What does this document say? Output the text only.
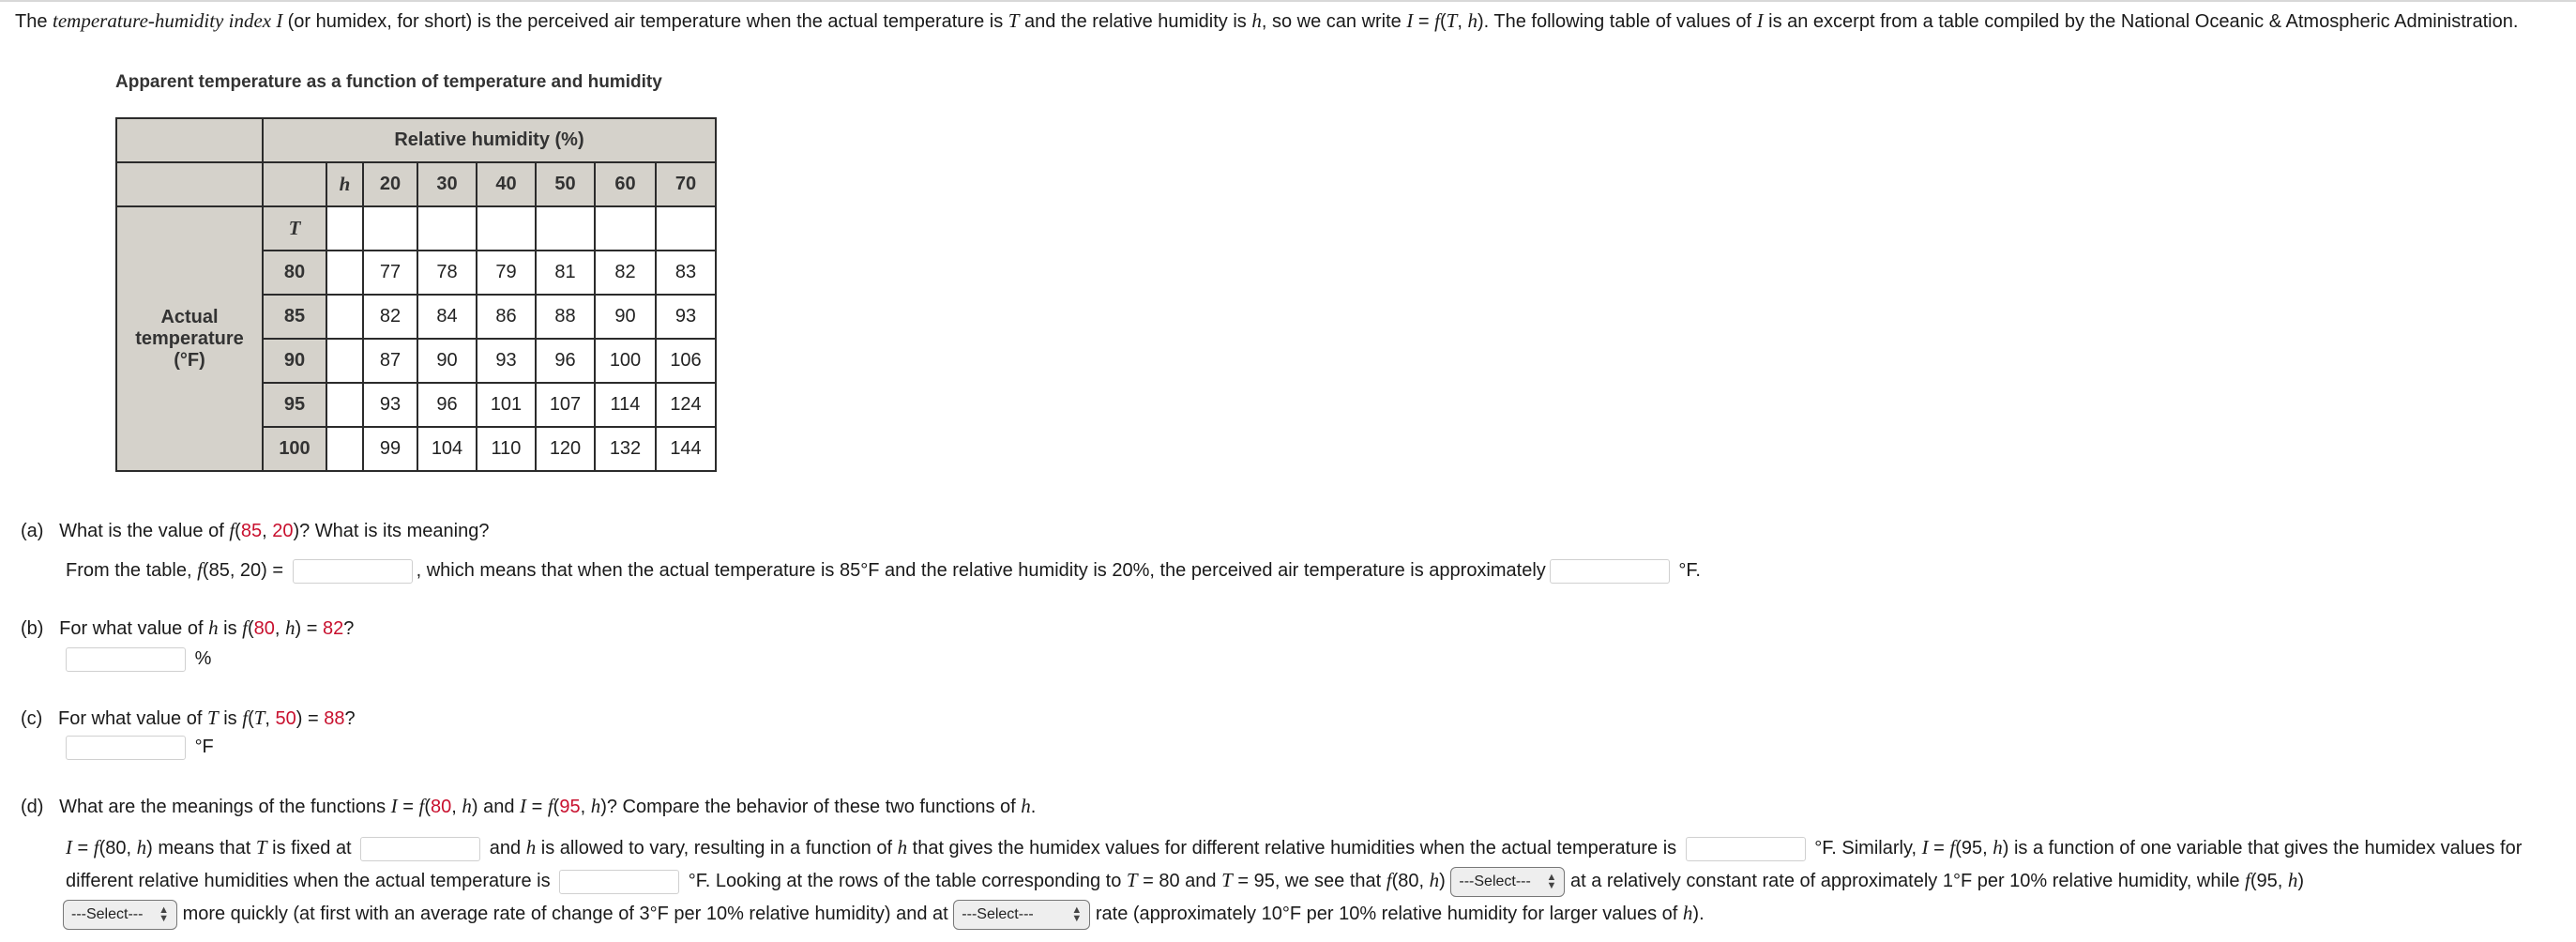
The temperature-humidity index I (or humidex, for short) is the perceived air temperature when the actual temperature is T and the relative humidity is h, so we can write I = f(T, h). The following table of values of I is an excerpt from a table compiled by the National Oceanic & Atmospheric Administration.
Apparent temperature as a function of temperature and humidity
	Relative humidity (%)							
		h	20	30	40	50	60	70
Actual temperature (°F)	T							
	80		77	78	79	81	82	83
	85		82	84	86	88	90	93
	90		87	90	93	96	100	106
	95		93	96	101	107	114	124
	100		99	104	110	120	132	144
(a) What is the value of f(85, 20)? What is its meaning?
From the table, f(85, 20) =	, which means that when the actual temperature is 85°F and the relative humidity is 20%, the perceived air temperature is approximately	°F.
(b) For what value of h is f(80, h) = 82?
%
(c) For what value of T is f(T, 50) = 88?
°F
(d) What are the meanings of the functions I = f(80, h) and I = f(95, h)? Compare the behavior of these two functions of h.
I = f(80, h) means that T is fixed at	and h is allowed to vary, resulting in a function of h that gives the humidex values for different relative humidities when the actual temperature is	°F. Similarly, I = f(95, h) is a function of one variable that gives the humidex values for different relative humidities when the actual temperature is	°F. Looking at the rows of the table corresponding to T = 80 and T = 95, we see that f(80, h) ---Select--- ▲
▼ at a relatively constant rate of approximately 1°F per 10% relative humidity, while f(95, h)

---Select--- ▲
▼ more quickly (at first with an average rate of change of 3°F per 10% relative humidity) and at ---Select---	▲
▼ rate (approximately 10°F per 10% relative humidity for larger values of h).
